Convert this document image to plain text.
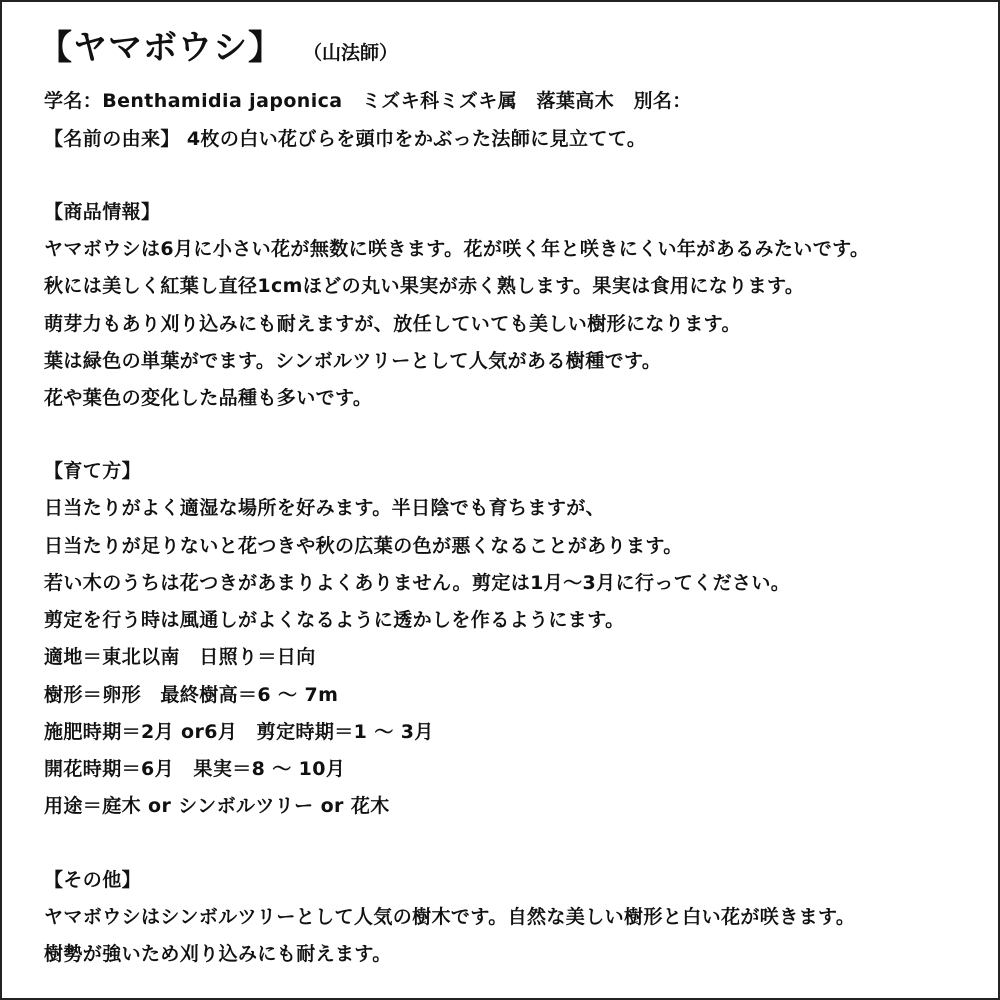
【ヤマボウシ】 （山法師）
学名：Benthamidia japonica　ミズキ科ミズキ属　落葉高木　別名：
【名前の由来】 4枚の白い花びらを頭巾をかぶった法師に見立てて。
【商品情報】
ヤマボウシは6月に小さい花が無数に咲きます。花が咲く年と咲きにくい年があるみたいです。
秋には美しく紅葉し直径1cmほどの丸い果実が赤く熟します。果実は食用になります。
萌芽力もあり刈り込みにも耐えますが、放任していても美しい樹形になります。
葉は緑色の単葉がでます。シンボルツリーとして人気がある樹種です。
花や葉色の変化した品種も多いです。
【育て方】
日当たりがよく適湿な場所を好みます。半日陰でも育ちますが、
日当たりが足りないと花つきや秋の広葉の色が悪くなることがあります。
若い木のうちは花つきがあまりよくありません。剪定は1月～3月に行ってください。
剪定を行う時は風通しがよくなるように透かしを作るようにます。
適地＝東北以南　日照り＝日向
樹形＝卵形　最終樹高＝6 ～ 7m
施肥時期＝2月 or6月　剪定時期＝1 ～ 3月
開花時期＝6月　果実＝8 ～ 10月
用途＝庭木 or シンボルツリー or 花木
【その他】
ヤマボウシはシンボルツリーとして人気の樹木です。自然な美しい樹形と白い花が咲きます。
樹勢が強いため刈り込みにも耐えます。
